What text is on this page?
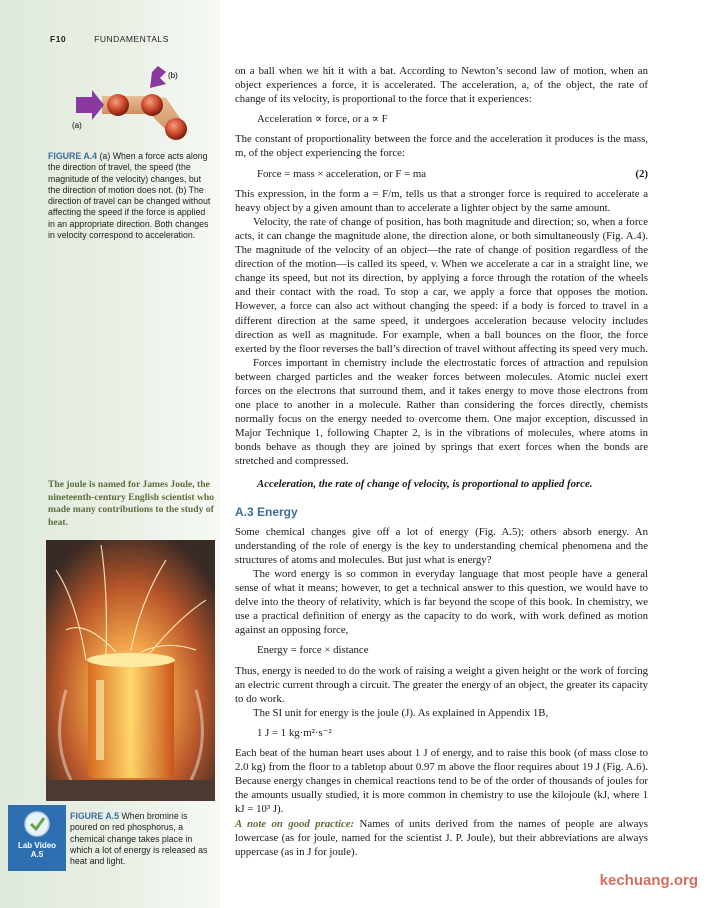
F10	FUNDAMENTALS
(a)
(b)
FIGURE A.4 (a) When a force acts along the direction of travel, the speed (the magnitude of the velocity) changes, but the direction of motion does not. (b) The direction of travel can be changed without affecting the speed if the force is applied in an appropriate direction. Both changes in velocity correspond to acceleration.
The joule is named for James Joule, the nineteenth-century English scientist who made many contributions to the study of heat.
Lab Video
A.5
FIGURE A.5 When bromine is poured on red phosphorus, a chemical change takes place in which a lot of energy is released as heat and light.

on a ball when we hit it with a bat. According to Newton’s second law of motion, when an object experiences a force, it is accelerated. The acceleration, a, of the object, the rate of change of its velocity, is proportional to the force that it experiences:

Acceleration ∝ force, or a ∝ F

The constant of proportionality between the force and the acceleration it produces is the mass, m, of the object experiencing the force:

Force = mass × acceleration, or F = ma	(2)

This expression, in the form a = F/m, tells us that a stronger force is required to accelerate a heavy object by a given amount than to accelerate a lighter object by the same amount.

Velocity, the rate of change of position, has both magnitude and direction; so, when a force acts, it can change the magnitude alone, the direction alone, or both simultaneously (Fig. A.4). The magnitude of the velocity of an object—the rate of change of position regardless of the direction of the motion—is called its speed, v. When we accelerate a car in a straight line, we change its speed, but not its direction, by applying a force through the rotation of the wheels and their contact with the road. To stop a car, we apply a force that opposes the motion. However, a force can also act without changing the speed: if a body is forced to travel in a different direction at the same speed, it undergoes acceleration because velocity includes direction as well as magnitude. For example, when a ball bounces on the floor, the force exerted by the floor reverses the ball’s direction of travel without affecting its speed very much.

Forces important in chemistry include the electrostatic forces of attraction and repulsion between charged particles and the weaker forces between molecules. Atomic nuclei exert forces on the electrons that surround them, and it takes energy to move those electrons from one place to another in a molecule. Rather than considering the forces directly, chemists normally focus on the energy needed to overcome them. One major exception, discussed in Major Technique 1, following Chapter 2, is in the vibrations of molecules, where atoms in bonds behave as though they are joined by springs that exert forces when the bonds are stretched and compressed.

Acceleration, the rate of change of velocity, is proportional to applied force.
A.3 Energy

Some chemical changes give off a lot of energy (Fig. A.5); others absorb energy. An understanding of the role of energy is the key to understanding chemical phenomena and the structures of atoms and molecules. But just what is energy?

The word energy is so common in everyday language that most people have a general sense of what it means; however, to get a technical answer to this question, we would have to delve into the theory of relativity, which is far beyond the scope of this book. In chemistry, we use a practical definition of energy as the capacity to do work, with work defined as motion against an opposing force,

Energy = force × distance

Thus, energy is needed to do the work of raising a weight a given height or the work of forcing an electric current through a circuit. The greater the energy of an object, the greater its capacity to do work.

The SI unit for energy is the joule (J). As explained in Appendix 1B,

1 J = 1 kg·m²·s⁻²

Each beat of the human heart uses about 1 J of energy, and to raise this book (of mass close to 2.0 kg) from the floor to a tabletop about 0.97 m above the floor requires about 19 J (Fig. A.6). Because energy changes in chemical reactions tend to be of the order of thousands of joules for the amounts usually studied, it is more common in chemistry to use the kilojoule (kJ, where 1 kJ = 10³ J).

A note on good practice: Names of units derived from the names of people are always lowercase (as for joule, named for the scientist J. P. Joule), but their abbreviations are always uppercase (as in J for joule).

kechuang.org
